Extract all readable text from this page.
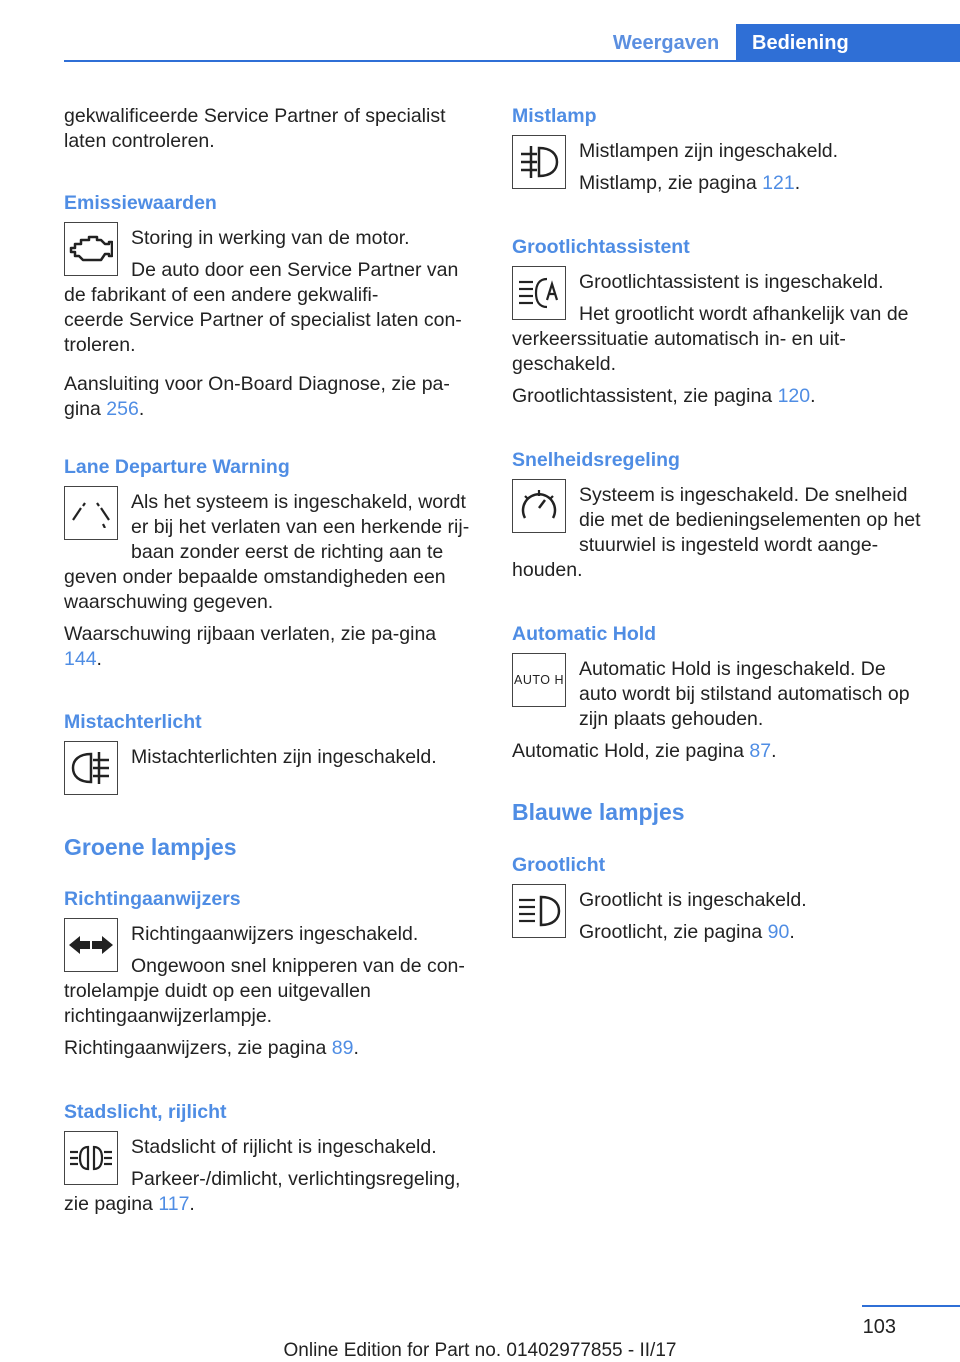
Weergaven	Bediening

gekwalificeerde Service Partner of specialist laten controleren.

Emissiewaarden

Storing in werking van de motor.

De auto door een Service Partner van de fabrikant of een andere gekwalifi-

ceerde Service Partner of specialist laten con-troleren.

Aansluiting voor On-Board Diagnose, zie pa-gina 256.

Lane Departure Warning

Als het systeem is ingeschakeld, wordt er bij het verlaten van een herkende rij-baan zonder eerst de richting aan te

geven onder bepaalde omstandigheden een waarschuwing gegeven.

Waarschuwing rijbaan verlaten, zie pa-gina 144.

Mistachterlicht

Mistachterlichten zijn ingeschakeld.

Groene lampjes
Richtingaanwijzers

Richtingaanwijzers ingeschakeld.

Ongewoon snel knipperen van de con-trolelampje duidt op een uitgevallen

richtingaanwijzerlampje.

Richtingaanwijzers, zie pagina 89.

Stadslicht, rijlicht

Stadslicht of rijlicht is ingeschakeld.

Parkeer-/dimlicht, verlichtingsregeling, zie pagina 117.

Mistlamp

Mistlampen zijn ingeschakeld.

Mistlamp, zie pagina 121.

Grootlichtassistent

Grootlichtassistent is ingeschakeld.

Het grootlicht wordt afhankelijk van de verkeerssituatie automatisch in- en uit-

geschakeld.

Grootlichtassistent, zie pagina 120.

Snelheidsregeling

Systeem is ingeschakeld. De snelheid die met de bedieningselementen op het stuurwiel is ingesteld wordt aange-

houden.

Automatic Hold
AUTO H Automatic Hold is ingeschakeld. De auto wordt bij stilstand automatisch op zijn plaats gehouden.

Automatic Hold, zie pagina 87.

Blauwe lampjes
Grootlicht

Grootlicht is ingeschakeld.

Grootlicht, zie pagina 90.

103
Online Edition for Part no. 01402977855 - II/17
